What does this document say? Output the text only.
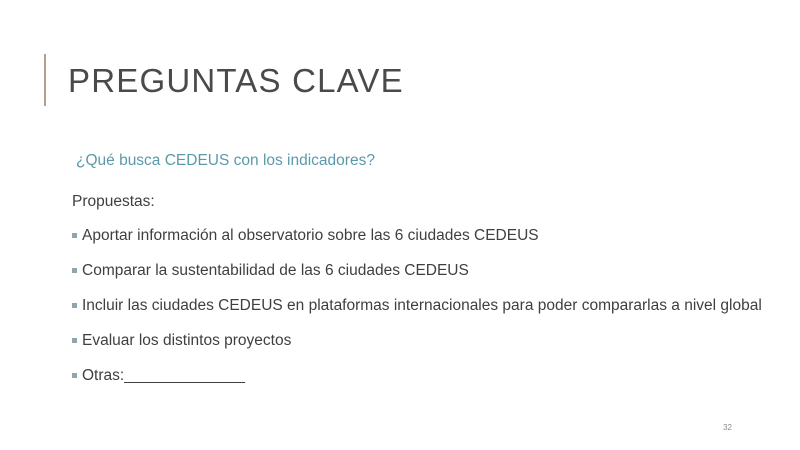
PREGUNTAS CLAVE

¿Qué busca CEDEUS con los indicadores?

Propuestas:

Aportar información al observatorio sobre las 6 ciudades CEDEUS
Comparar la sustentabilidad de las 6 ciudades CEDEUS
Incluir las ciudades CEDEUS en plataformas internacionales para poder compararlas a nivel global
Evaluar los distintos proyectos
Otras:______________
32
